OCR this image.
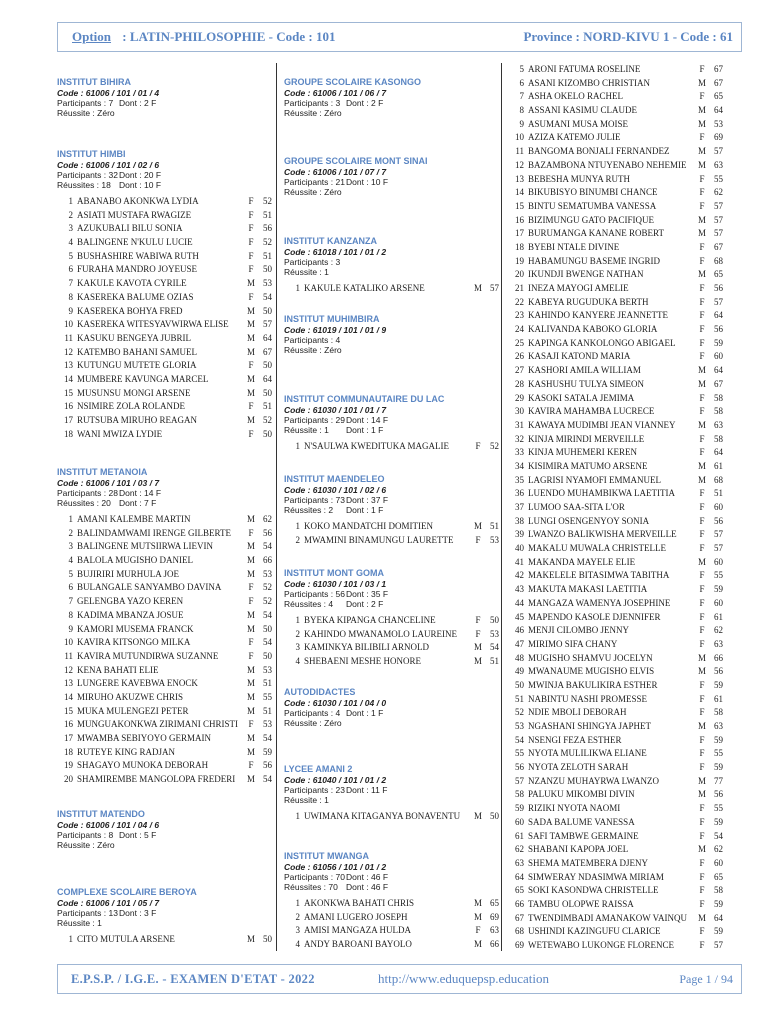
Option : LATIN-PHILOSOPHIE - Code : 101	Province : NORD-KIVU 1 - Code : 61
INSTITUT BIHIRA
Code : 61006 / 101 / 01 / 4
Participants : 7 Dont : 2 F
Réussite : Zéro
INSTITUT HIMBI
Code : 61006 / 101 / 02 / 6
Participants : 32Dont : 20 F
Réussites : 18 Dont : 10 F
1 ABANABO AKONKWA LYDIA	F	52
2 ASIATI MUSTAFA RWAGIZE	F	51
3 AZUKUBALI BILU SONIA	F	56
4 BALINGENE N'KULU LUCIE	F	52
5 BUSHASHIRE WABIWA RUTH	F	51
6 FURAHA MANDRO JOYEUSE	F	50
7 KAKULE KAVOTA CYRILE	M 53
8 KASEREKA BALUME OZIAS	F	54
9 KASEREKA BOHYA FRED	M 50
10 KASEREKA WITESYAVWIRWA ELISE	M 57
11 KASUKU BENGEYA JUBRIL	M 64
12 KATEMBO BAHANI SAMUEL	M 67
13 KUTUNGU MUTETE GLORIA	F	50
14 MUMBERE KAVUNGA MARCEL	M 64
15 MUSUNSU MONGI ARSENE	M 50
16 NSIMIRE ZOLA ROLANDE	F	51
17 RUTSUBA MIRUHO REAGAN	M 52
18 WANI MWIZA LYDIE	F	50
INSTITUT METANOIA
Code : 61006 / 101 / 03 / 7
Participants : 28Dont : 14 F
Réussites : 20 Dont : 7 F
1 AMANI KALEMBE MARTIN	M 62
2 BALINDAMWAMI IRENGE GILBERTE	F	56
3 BALINGENE MUTSIIRWA LIEVIN	M 54
4 BALOLA MUGISHO DANIEL	M 66
5 BUJIRIRI MURHULA JOE	M 53
6 BULANGALE SANYAMBO DAVINA	F	52
7 GELENGBA YAZO KEREN	F	52
8 KADIMA MBANZA JOSUE	M 54
9 KAMORI MUSEMA FRANCK	M 50
10 KAVIRA KITSONGO MILKA	F	54
11 KAVIRA MUTUNDIRWA SUZANNE	F	50
12 KENA BAHATI ELIE	M 53
13 LUNGERE KAVEBWA ENOCK	M 51
14 MIRUHO AKUZWE CHRIS	M 55
15 MUKA MULENGEZI PETER	M 51
16 MUNGUAKONKWA ZIRIMANI CHRISTI	F	53
17 MWAMBA SEBIYOYO GERMAIN	M 54
18 RUTEYE KING RADJAN	M 59
19 SHAGAYO MUNOKA DEBORAH	F	56
20 SHAMIREMBE MANGOLOPA FREDERI	M 54
INSTITUT MATENDO
Code : 61006 / 101 / 04 / 6
Participants : 8 Dont : 5 F
Réussite : Zéro
COMPLEXE SCOLAIRE BEROYA
Code : 61006 / 101 / 05 / 7
Participants : 13Dont : 3 F
Réussite : 1
1 CITO MUTULA ARSENE	M 50
GROUPE SCOLAIRE KASONGO
Code : 61006 / 101 / 06 / 7
Participants : 3 Dont : 2 F
Réussite : Zéro
GROUPE SCOLAIRE MONT SINAI
Code : 61006 / 101 / 07 / 7
Participants : 21Dont : 10 F
Réussite : Zéro
INSTITUT KANZANZA
Code : 61018 / 101 / 01 / 2
Participants : 3
Réussite : 1
1 KAKULE KATALIKO ARSENE	M 57
INSTITUT MUHIMBIRA
Code : 61019 / 101 / 01 / 9
Participants : 4
Réussite : Zéro
INSTITUT COMMUNAUTAIRE DU LAC
Code : 61030 / 101 / 01 / 7
Participants : 29Dont : 14 F
Réussite : 1 Dont : 1 F
1 N'SAULWA KWEDITUKA MAGALIE	F	52
INSTITUT MAENDELEO
Code : 61030 / 101 / 02 / 6
Participants : 73Dont : 37 F
Réussites : 2 Dont : 1 F
1 KOKO MANDATCHI DOMITIEN	M 51
2 MWAMINI BINAMUNGU LAURETTE	F	53
INSTITUT MONT GOMA
Code : 61030 / 101 / 03 / 1
Participants : 56Dont : 35 F
Réussites : 4 Dont : 2 F
1 BYEKA KIPANGA CHANCELINE	F	50
2 KAHINDO MWANAMOLO LAUREINE	F	53
3 KAMINKYA BILIBILI ARNOLD	M 54
4 SHEBAENI MESHE HONORE	M 51
AUTODIDACTES
Code : 61030 / 101 / 04 / 0
Participants : 4 Dont : 1 F
Réussite : Zéro
LYCEE AMANI 2
Code : 61040 / 101 / 01 / 2
Participants : 23Dont : 11 F
Réussite : 1
1 UWIMANA KITAGANYA BONAVENTU	M 50
INSTITUT MWANGA
Code : 61056 / 101 / 01 / 2
Participants : 70Dont : 46 F
Réussites : 70 Dont : 46 F
1 AKONKWA BAHATI CHRIS	M 65
2 AMANI LUGERO JOSEPH	M 69
3 AMISI MANGAZA HULDA	F	63
4 ANDY BAROANI BAYOLO	M 66
5 ARONI FATUMA ROSELINE	F	67
6 ASANI KIZOMBO CHRISTIAN	M 67
7 ASHA OKELO RACHEL	F	65
8 ASSANI KASIMU CLAUDE	M 64
9 ASUMANI MUSA MOISE	M 53
10 AZIZA KATEMO JULIE	F	69
11 BANGOMA BONJALI FERNANDEZ	M 57
12 BAZAMBONA NTUYENABO NEHEMIE	M 63
13 BEBESHA MUNYA RUTH	F	55
14 BIKUBISYO BINUMBI CHANCE	F	62
15 BINTU SEMATUMBA VANESSA	F	57
16 BIZIMUNGU GATO PACIFIQUE	M 57
17 BURUMANGA KANANE ROBERT	M 57
18 BYEBI NTALE DIVINE	F	67
19 HABAMUNGU BASEME INGRID	F	68
20 IKUNDJI BWENGE NATHAN	M 65
21 INEZA MAYOGI AMELIE	F	56
22 KABEYA RUGUDUKA BERTH	F	57
23 KAHINDO KANYERE JEANNETTE	F	64
24 KALIVANDA KABOKO GLORIA	F	56
25 KAPINGA KANKOLONGO ABIGAEL	F	59
26 KASAJI KATOND MARIA	F	60
27 KASHORI AMILA WILLIAM	M 64
28 KASHUSHU TULYA SIMEON	M 67
29 KASOKI SATALA JEMIMA	F	58
30 KAVIRA MAHAMBA LUCRECE	F	58
31 KAWAYA MUDIMBI JEAN VIANNEY	M 63
32 KINJA MIRINDI MERVEILLE	F	58
33 KINJA MUHEMERI KEREN	F	64
34 KISIMIRA MATUMO ARSENE	M 61
35 LAGRISI NYAMOFI EMMANUEL	M 68
36 LUENDO MUHAMBIKWA LAETITIA	F	51
37 LUMOO SAA-SITA L'OR	F	60
38 LUNGI OSENGENYOY SONIA	F	56
39 LWANZO BALIKWISHA MERVEILLE	F	57
40 MAKALU MUWALA CHRISTELLE	F	57
41 MAKANDA MAYELE ELIE	M 60
42 MAKELELE BITASIMWA TABITHA	F	55
43 MAKUTA MAKASI LAETITIA	F	59
44 MANGAZA WAMENYA JOSEPHINE	F	60
45 MAPENDO KASOLE DJENNIFER	F	61
46 MENJI CILOMBO JENNY	F	62
47 MIRIMO SIFA CHANY	F	63
48 MUGISHO SHAMVU JOCELYN	M 66
49 MWANAUME MUGISHO ELVIS	M 56
50 MWINJA BAKULIKIRA ESTHER	F	59
51 NABINTU NASHI PROMESSE	F	61
52 NDIE MBOLI DEBORAH	F	58
53 NGASHANI SHINGYA JAPHET	M 63
54 NSENGI FEZA ESTHER	F	59
55 NYOTA MULILIKWA ELIANE	F	55
56 NYOTA ZELOTH SARAH	F	59
57 NZANZU MUHAYRWA LWANZO	M 77
58 PALUKU MIKOMBI DIVIN	M 56
59 RIZIKI NYOTA NAOMI	F	55
60 SADA BALUME VANESSA	F	59
61 SAFI TAMBWE GERMAINE	F	54
62 SHABANI KAPOPA JOEL	M 62
63 SHEMA MATEMBERA DJENY	F	60
64 SIMWERAY NDASIMWA MIRIAM	F	65
65 SOKI KASONDWA CHRISTELLE	F	58
66 TAMBU OLOPWE RAISSA	F	59
67 TWENDIMBADI AMANAKOW VAINQU	M 64
68 USHINDI KAZINGUFU CLARICE	F	59
69 WETEWABO LUKONGE FLORENCE	F	57
E.P.S.P. / I.G.E. - EXAMEN D'ETAT - 2022	http://www.eduquepsp.education	Page 1 / 94
